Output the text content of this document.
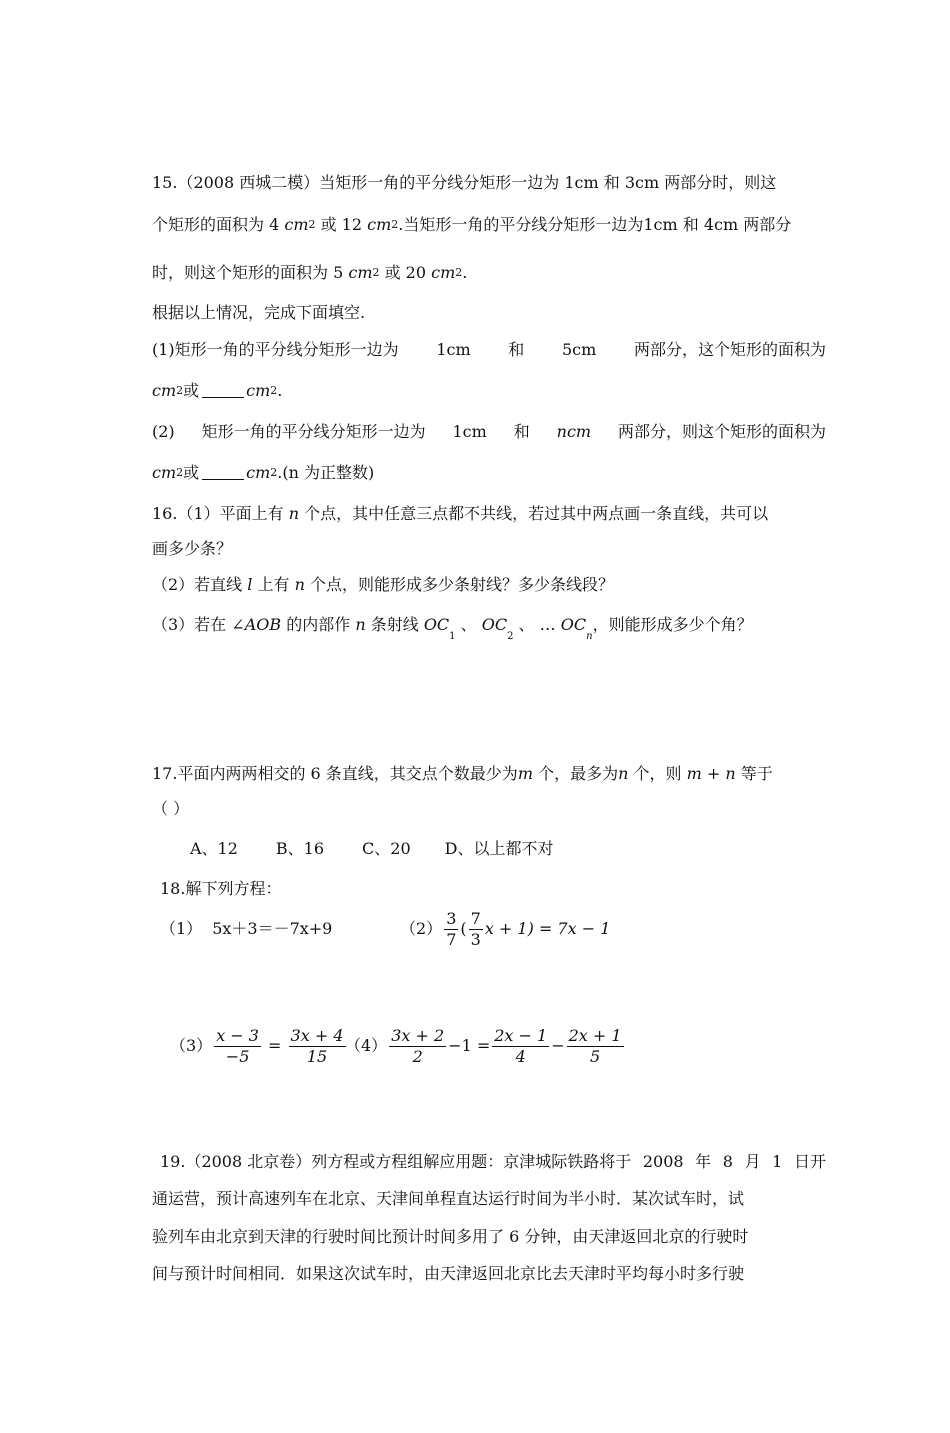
15.（2008 西城二模）当矩形一角的平分线分矩形一边为 1cm 和 3cm 两部分时，则这
个矩形的面积为 4 cm2 或 12 cm2.当矩形一角的平分线分矩形一边为1cm 和 4cm 两部分
时，则这个矩形的面积为 5 cm2 或 20 cm2.
根据以上情况，完成下面填空.
(1)矩形一角的平分线分矩形一边为 1cm 和 5cm 两部分，这个矩形的面积为
cm2或	cm2.
(2) 矩形一角的平分线分矩形一边为 1cm 和 ncm 两部分，则这个矩形的面积为
cm2或	cm2.(n 为正整数)
16.（1）平面上有 n 个点，其中任意三点都不共线，若过其中两点画一条直线，共可以
画多少条？
（2）若直线 l 上有 n 个点，则能形成多少条射线？多少条线段？
（3）若在 ∠AOB 的内部作 n 条射线 $OC_1$ 、 $OC_2$ 、 … $OC_n$，则能形成多少个角？
17.平面内两两相交的 6 条直线，其交点个数最少为m 个，最多为n 个，则 m + n 等于
（ ）
A、12 B、16 C、20 D、以上都不对
18.解下列方程：
（1） 5x＋3＝－7x+9	$(2) \frac{3}{7}$ ( $\frac{7}{3}$ x + 1) = 7x − 1
$(3) \frac{x - 3}{-5} = \frac{3x + 4}{15} (4) \frac{3x + 2}{2} -1 = \frac{2x - 1}{4} - \frac{2x + 1}{5}$
19.（2008 北京卷）列方程或方程组解应用题：京津城际铁路将于 2008 年 8 月 1 日开
通运营，预计高速列车在北京、天津间单程直达运行时间为半小时．某次试车时，试
验列车由北京到天津的行驶时间比预计时间多用了 6 分钟，由天津返回北京的行驶时
间与预计时间相同．如果这次试车时，由天津返回北京比去天津时平均每小时多行驶
